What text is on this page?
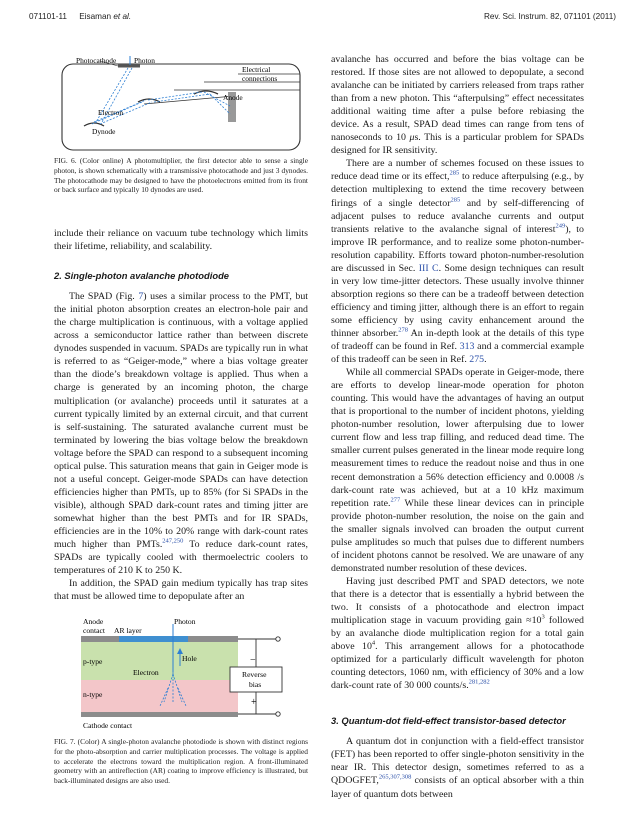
071101-11 Eisaman et al.	Rev. Sci. Instrum. 82, 071101 (2011)
Photocathode Photon
Electrical
connections
Anode
Electron
Dynode
FIG. 6. (Color online) A photomultiplier, the first detector able to sense a single photon, is shown schematically with a transmissive photocathode and just 3 dynodes. The photocathode may be designed to have the photoelectrons emitted from its front or back surface and typically 10 dynodes are used.

include their reliance on vacuum tube technology which limits their lifetime, reliability, and scalability.

2. Single-photon avalanche photodiode

The SPAD (Fig. 7) uses a similar process to the PMT, but the initial photon absorption creates an electron-hole pair and the charge multiplication is continuous, with a voltage applied across a semiconductor lattice rather than between discrete dynodes suspended in vacuum. SPADs are typically run in what is referred to as “Geiger-mode,” where a bias voltage greater than the diode’s breakdown voltage is applied. Thus when a charge is generated by an incoming photon, the charge multiplication (or avalanche) proceeds until it saturates at a current typically limited by an external circuit, and that current is self-sustaining. The saturated avalanche current must be terminated by lowering the bias voltage below the breakdown voltage before the SPAD can respond to a subsequent incoming optical pulse. This saturation means that gain in Geiger mode is not a useful concept. Geiger-mode SPADs can have detection efficiencies higher than PMTs, up to 85% (for Si SPADs in the visible), although SPAD dark-count rates and timing jitter are somewhat higher than the best PMTs and for IR SPADs, efficiencies are in the 10% to 20% range with dark-count rates much higher than PMTs.$^{247,250}$ To reduce dark-count rates, SPADs are typically cooled with thermoelectric coolers to temperatures of 210 K to 250 K.

In addition, the SPAD gain medium typically has trap sites that must be allowed time to depopulate after an

Anode
contact AR layer
Photon
p-type	Hole
Electron
−
Reverse
bias
+
n-type
Cathode contact
FIG. 7. (Color) A single-photon avalanche photodiode is shown with distinct regions for the photo-absorption and carrier multiplication processes. The voltage is applied to accelerate the electrons toward the multiplication region. A front-illuminated geometry with an antireflection (AR) coating to improve efficiency is illustrated, but back-illuminated designs are also used.

avalanche has occurred and before the bias voltage can be restored. If those sites are not allowed to depopulate, a second avalanche can be initiated by carriers released from traps rather than from a new photon. This “afterpulsing” effect necessitates additional waiting time after a pulse before rebiasing the device. As a result, SPAD dead times can range from tens of nanoseconds to 10 μs. This is a particular problem for SPADs designed for IR sensitivity.

There are a number of schemes focused on these issues to reduce dead time or its effect,$^{285}$ to reduce afterpulsing (e.g., by detection multiplexing to extend the time recovery between firings of a single detector$^{285}$ and by self-differencing of adjacent pulses to reduce avalanche currents and output transients relative to the avalanche signal of interest$^{249}$), to improve IR performance, and to realize some photon-number-resolution capability. Efforts toward photon-number-resolution are discussed in Sec. III C. Some design techniques can result in very low time-jitter detectors. These usually involve thinner absorption regions so there can be a tradeoff between detection efficiency and timing jitter, although there is an effort to regain some efficiency by using cavity enhancement around the thinner absorber.$^{278}$ An in-depth look at the details of this type of tradeoff can be found in Ref. 313 and a commercial example of this tradeoff can be seen in Ref. 275.

While all commercial SPADs operate in Geiger-mode, there are efforts to develop linear-mode operation for photon counting. This would have the advantages of having an output that is proportional to the number of incident photons, yielding photon-number resolution, lower afterpulsing due to lower current flow and less trap filling, and reduced dead time. The smaller current pulses generated in the linear mode require long measurement times to reduce the readout noise and thus in one recent demonstration a 56% detection efficiency and 0.0008 /s dark-count rate was achieved, but at a 10 kHz maximum repetition rate.$^{277}$ While these linear devices can in principle provide photon-number resolution, the noise on the gain and the smaller signals involved can broaden the output current pulse amplitudes so much that pulses due to different numbers of incident photons cannot be resolved. We are unaware of any demonstrated number resolution of these devices.

Having just described PMT and SPAD detectors, we note that there is a detector that is essentially a hybrid between the two. It consists of a photocathode and electron impact multiplication stage in vacuum providing gain $\approx 10^3$ followed by an avalanche diode multiplication region for a total gain above $10^4$. This arrangement allows for a photocathode optimized for a particularly difficult wavelength for photon counting detectors, 1060 nm, with efficiency of 30% and a low dark-count rate of 30 000 counts/s.$^{281,282}$

3. Quantum-dot field-effect transistor-based detector

A quantum dot in conjunction with a field-effect transistor (FET) has been reported to offer single-photon sensitivity in the near IR. This detector design, sometimes referred to as a QDOGFET,$^{265,307,308}$ consists of an optical absorber with a thin layer of quantum dots between
